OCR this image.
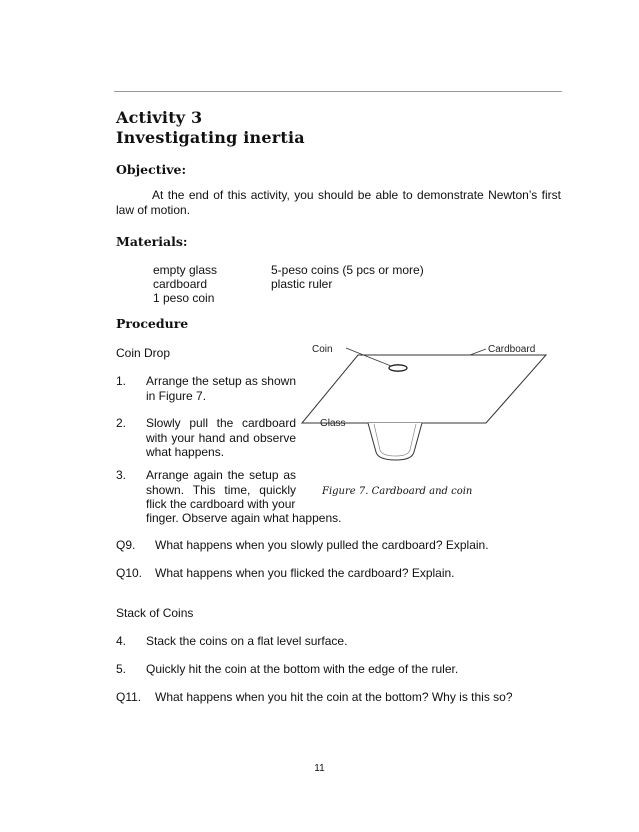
Activity 3
Investigating inertia
Objective:
At the end of this activity, you should be able to demonstrate Newton’s first law of motion.
Materials:
empty glass
cardboard
1 peso coin
5-peso coins (5 pcs or more)
plastic ruler
Procedure
Coin Drop
1. Arrange the setup as shown in Figure 7.
2. Slowly pull the cardboard with your hand and observe what happens.
3. Arrange again the setup as shown. This time, quickly flick the cardboard with your
finger. Observe again what happens.
Q9. What happens when you slowly pulled the cardboard? Explain.
Q10. What happens when you flicked the cardboard? Explain.
Stack of Coins
4. Stack the coins on a flat level surface.
5. Quickly hit the coin at the bottom with the edge of the ruler.
Q11. What happens when you hit the coin at the bottom? Why is this so?
Coin	Cardboard
Glass
Figure 7. Cardboard and coin
11
